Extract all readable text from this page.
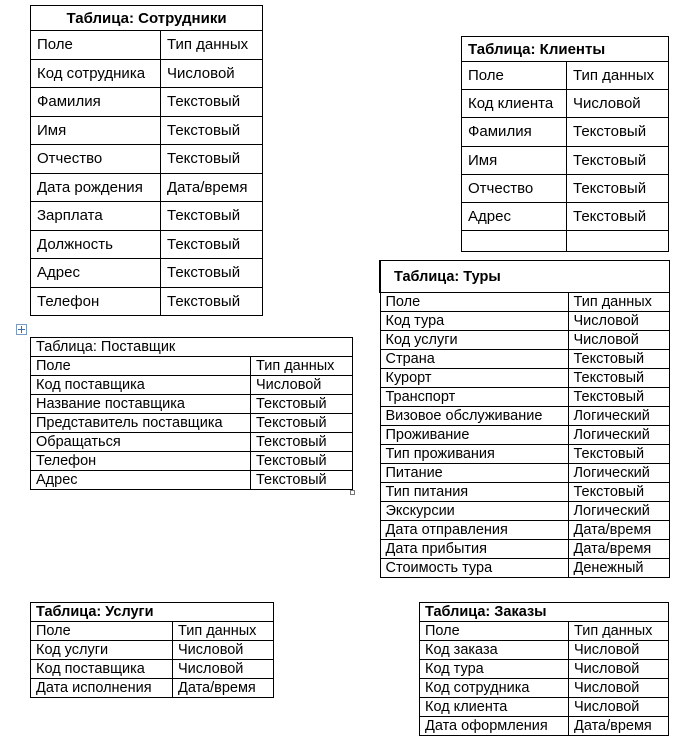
Таблица: Сотрудники	
Поле	Тип данных
Код сотрудника	Числовой
Фамилия	Текстовый
Имя	Текстовый
Отчество	Текстовый
Дата рождения	Дата/время
Зарплата	Текстовый
Должность	Текстовый
Адрес	Текстовый
Телефон	Текстовый
Таблица: Клиенты	
Поле	Тип данных
Код клиента	Числовой
Фамилия	Текстовый
Имя	Текстовый
Отчество	Текстовый
Адрес	Текстовый

Таблица: Туры	
Поле	Тип данных
Код тура	Числовой
Код услуги	Числовой
Страна	Текстовый
Курорт	Текстовый
Транспорт	Текстовый
Визовое обслуживание	Логический
Проживание	Логический
Тип проживания	Текстовый
Питание	Логический
Тип питания	Текстовый
Экскурсии	Логический
Дата отправления	Дата/время
Дата прибытия	Дата/время
Стоимость тура	Денежный
Таблица: Поставщик	
Поле	Тип данных
Код поставщика	Числовой
Название поставщика	Текстовый
Представитель поставщика	Текстовый
Обращаться	Текстовый
Телефон	Текстовый
Адрес	Текстовый
Таблица: Услуги	
Поле	Тип данных
Код услуги	Числовой
Код поставщика	Числовой
Дата исполнения	Дата/время
Таблица: Заказы	
Поле	Тип данных
Код заказа	Числовой
Код тура	Числовой
Код сотрудника	Числовой
Код клиента	Числовой
Дата оформления	Дата/время
